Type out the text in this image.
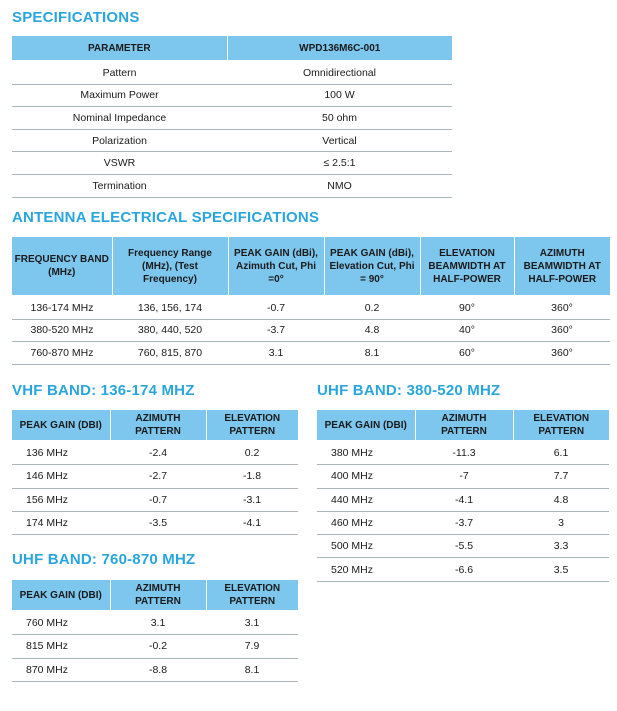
SPECIFICATIONS
PARAMETER	WPD136M6C-001
Pattern	Omnidirectional
Maximum Power	100 W
Nominal Impedance	50 ohm
Polarization	Vertical
VSWR	≤ 2.5:1
Termination	NMO
ANTENNA ELECTRICAL SPECIFICATIONS
FREQUENCY BAND (MHz)	Frequency Range (MHz), (Test Frequency)	PEAK GAIN (dBi), Azimuth Cut, Phi =0°	PEAK GAIN (dBi), Elevation Cut, Phi = 90°	ELEVATION BEAMWIDTH AT HALF-POWER	AZIMUTH BEAMWIDTH AT HALF-POWER
136-174 MHz	136, 156, 174	-0.7	0.2	90°	360°
380-520 MHz	380, 440, 520	-3.7	4.8	40°	360°
760-870 MHz	760, 815, 870	3.1	8.1	60°	360°
VHF BAND: 136-174 MHZ
PEAK GAIN (DBI)	AZIMUTH PATTERN	ELEVATION PATTERN
136 MHz	-2.4	0.2
146 MHz	-2.7	-1.8
156 MHz	-0.7	-3.1
174 MHz	-3.5	-4.1
UHF BAND: 380-520 MHZ
PEAK GAIN (DBI)	AZIMUTH PATTERN	ELEVATION PATTERN
380 MHz	-11.3	6.1
400 MHz	-7	7.7
440 MHz	-4.1	4.8
460 MHz	-3.7	3
500 MHz	-5.5	3.3
520 MHz	-6.6	3.5
UHF BAND: 760-870 MHZ
PEAK GAIN (DBI)	AZIMUTH PATTERN	ELEVATION PATTERN
760 MHz	3.1	3.1
815 MHz	-0.2	7.9
870 MHz	-8.8	8.1
